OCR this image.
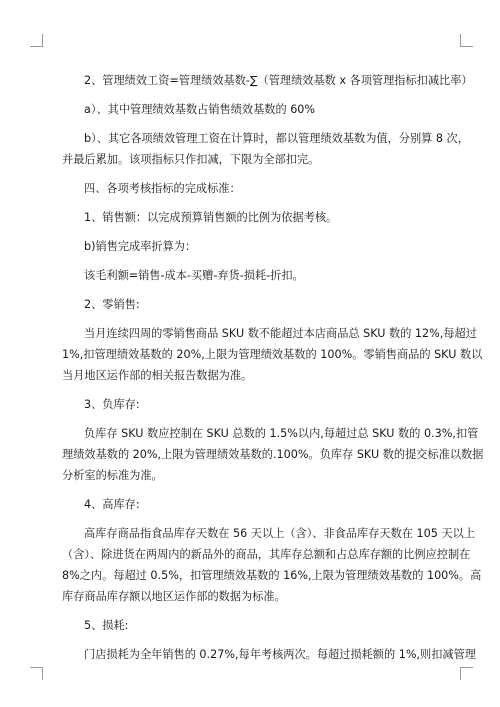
2、管理绩效工资=管理绩效基数-∑（管理绩效基数 x 各项管理指标扣减比率）
a）、其中管理绩效基数占销售绩效基数的 60%
b）、其它各项绩效管理工资在计算时，都以管理绩效基数为值，分别算 8 次，
并最后累加。该项指标只作扣减，下限为全部扣完。
四、各项考核指标的完成标准：
1、销售额：以完成预算销售额的比例为依据考核。
b)销售完成率折算为：
该毛利额=销售-成本-买赠-弃货-损耗-折扣。
2、零销售:
当月连续四周的零销售商品 SKU 数不能超过本店商品总 SKU 数的 12%,每超过
1%,扣管理绩效基数的 20%,上限为管理绩效基数的 100%。零销售商品的 SKU 数以
当月地区运作部的相关报告数据为准。
3、负库存:
负库存 SKU 数应控制在 SKU 总数的 1.5%以内,每超过总 SKU 数的 0.3%,扣管
理绩效基数的 20%,上限为管理绩效基数的.100%。负库存 SKU 数的提交标准以数据
分析室的标准为准。
4、高库存:
高库存商品指食品库存天数在 56 天以上（含）、非食品库存天数在 105 天以上
（含）、除进货在两周内的新品外的商品，其库存总额和占总库存额的比例应控制在
8%之内。每超过 0.5%，扣管理绩效基数的 16%,上限为管理绩效基数的 100%。高
库存商品库存额以地区运作部的数据为标准。
5、损耗:
门店损耗为全年销售的 0.27%,每年考核两次。每超过损耗额的 1%,则扣减管理
